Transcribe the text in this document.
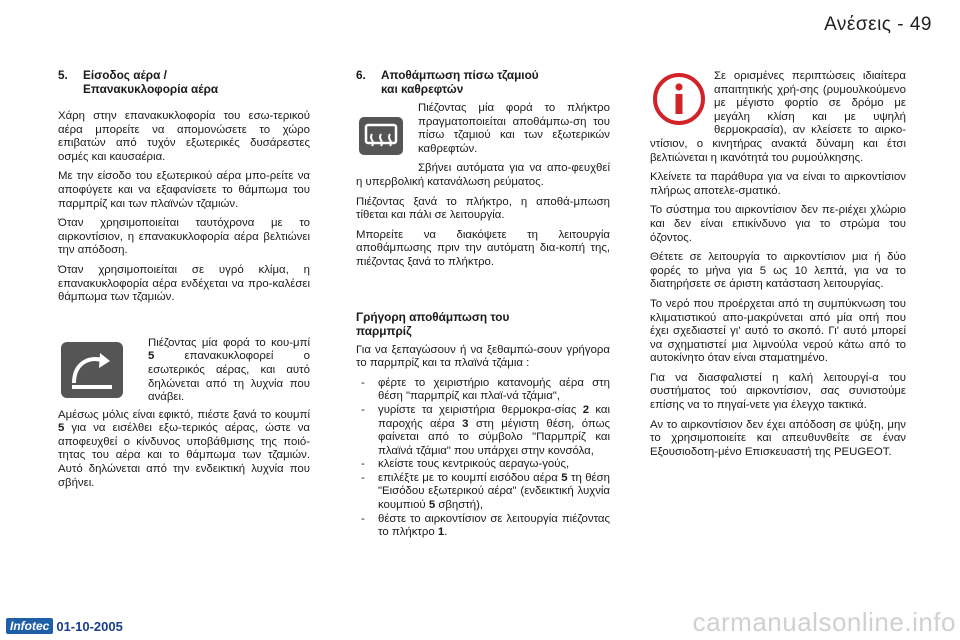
Ανέσεις - 49
5.	Είσοδος αέρα /
Επανακυκλοφορία αέρα

Χάρη στην επανακυκλοφορία του εσω-τερικού αέρα μπορείτε να απομονώσετε το χώρο επιβατών από τυχόν εξωτερικές δυσάρεστες οσμές και καυσαέρια.

Με την είσοδο του εξωτερικού αέρα μπο-ρείτε να αποφύγετε και να εξαφανίσετε το θάμπωμα του παρμπρίζ και των πλαϊνών τζαμιών.

Όταν χρησιμοποιείται ταυτόχρονα με το αιρκοντίσιον, η επανακυκλοφορία αέρα βελτιώνει την απόδοση.

Όταν χρησιμοποιείται σε υγρό κλίμα, η επανακυκλοφορία αέρα ενδέχεται να προ-καλέσει θάμπωμα των τζαμιών.

Πιέζοντας μία φορά το κου-μπί 5 επανακυκλοφορεί ο εσωτερικός αέρας, και αυτό δηλώνεται από τη λυχνία που ανάβει.

Αμέσως μόλις είναι εφικτό, πιέστε ξανά το κουμπί 5 για να εισέλθει εξω-τερικός αέρας, ώστε να αποφευχθεί ο κίνδυνος υποβάθμισης της ποιό-τητας του αέρα και το θάμπωμα των τζαμιών. Αυτό δηλώνεται από την ενδεικτική λυχνία που σβήνει.

6.	Αποθάμπωση πίσω τζαμιού
και καθρεφτών

Πιέζοντας μία φορά το πλήκτρο πραγματοποιείται αποθάμπω-ση του πίσω τζαμιού και των εξωτερικών καθρεφτών.

Σβήνει αυτόματα για να απο-φευχθεί η υπερβολική κατανάλωση ρεύματος.

Πιέζοντας ξανά το πλήκτρο, η αποθά-μπωση τίθεται και πάλι σε λειτουργία.

Μπορείτε να διακόψετε τη λειτουργία αποθάμπωσης πριν την αυτόματη δια-κοπή της, πιέζοντας ξανά το πλήκτρο.

Γρήγορη αποθάμπωση του
παρμπρίζ

Για να ξεπαγώσουν ή να ξεθαμπώ-σουν γρήγορα το παρμπρίζ και τα πλαϊνά τζάμια :

- φέρτε το χειριστήριο κατανομής αέρα στη θέση "παρμπρίζ και πλαϊ-νά τζάμια",
- γυρίστε τα χειριστήρια θερμοκρα-σίας 2 και παροχής αέρα 3 στη μέγιστη θέση, όπως φαίνεται από το σύμβολο "Παρμπρίζ και πλαϊνά τζάμια" που υπάρχει στην κονσόλα,
- κλείστε τους κεντρικούς αεραγω-γούς,
- επιλέξτε με το κουμπί εισόδου αέρα 5 τη θέση "Εισόδου εξωτερικού αέρα" (ενδεικτική λυχνία κουμπιού 5 σβηστή),
- θέστε το αιρκοντίσιον σε λειτουργία πιέζοντας το πλήκτρο 1.

Σε ορισμένες περιπτώσεις ιδιαίτερα απαιτητικής χρή-σης (ρυμουλκούμενο με μέγιστο φορτίο σε δρόμο με μεγάλη κλίση και με υψηλή θερμοκρασία), αν κλείσετε το αιρκο-ντίσιον, ο κινητήρας ανακτά δύναμη και έτσι βελτιώνεται η ικανότητά του ρυμούλκησης.

Κλείνετε τα παράθυρα για να είναι το αιρκοντίσιον πλήρως αποτελε-σματικό.

Το σύστημα του αιρκοντίσιον δεν πε-ριέχει χλώριο και δεν είναι επικίνδυνο για το στρώμα του όζοντος.

Θέτετε σε λειτουργία το αιρκοντίσιον μια ή δύο φορές το μήνα για 5 ως 10 λεπτά, για να το διατηρήσετε σε άριστη κατάσταση λειτουργίας.

Το νερό που προέρχεται από τη συμπύκνωση του κλιματιστικού απο-μακρύνεται από μία οπή που έχει σχεδιαστεί γι' αυτό το σκοπό. Γι' αυτό μπορεί να σχηματιστεί μια λιμνούλα νερού κάτω από το αυτοκίνητο όταν είναι σταματημένο.

Για να διασφαλιστεί η καλή λειτουργί-α του συστήματος τού αιρκοντίσιον, σας συνιστούμε επίσης να το πηγαί-νετε για έλεγχο τακτικά.

Αν το αιρκοντίσιον δεν έχει απόδοση σε ψύξη, μην το χρησιμοποιείτε και απευθυνθείτε σε έναν Εξουσιοδοτη-μένο Επισκευαστή της PEUGEOT.

Infotec 01-10-2005	carmanualsonline.info
